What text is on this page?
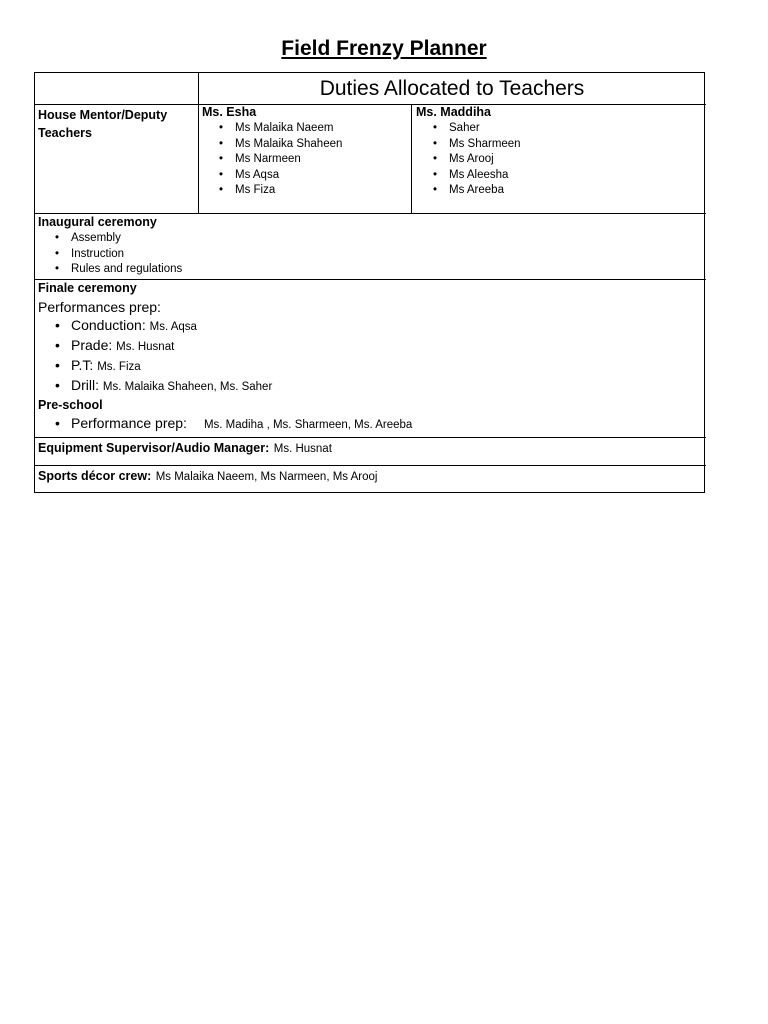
Field Frenzy Planner
Duties Allocated to Teachers
House Mentor/Deputy Teachers
Ms. Esha
• Ms Malaika Naeem
• Ms Malaika Shaheen
• Ms Narmeen
• Ms Aqsa
• Ms Fiza
Ms. Maddiha
• Saher
• Ms Sharmeen
• Ms Arooj
• Ms Aleesha
• Ms Areeba
Inaugural ceremony
• Assembly
• Instruction
• Rules and regulations
Finale ceremony
Performances prep:
• Conduction: Ms. Aqsa
• Prade: Ms. Husnat
• P.T: Ms. Fiza
• Drill: Ms. Malaika Shaheen, Ms. Saher
Pre-school
• Performance prep: Ms. Madiha , Ms. Sharmeen, Ms. Areeba
Equipment Supervisor/Audio Manager: Ms. Husnat
Sports décor crew: Ms Malaika Naeem, Ms Narmeen, Ms Arooj
